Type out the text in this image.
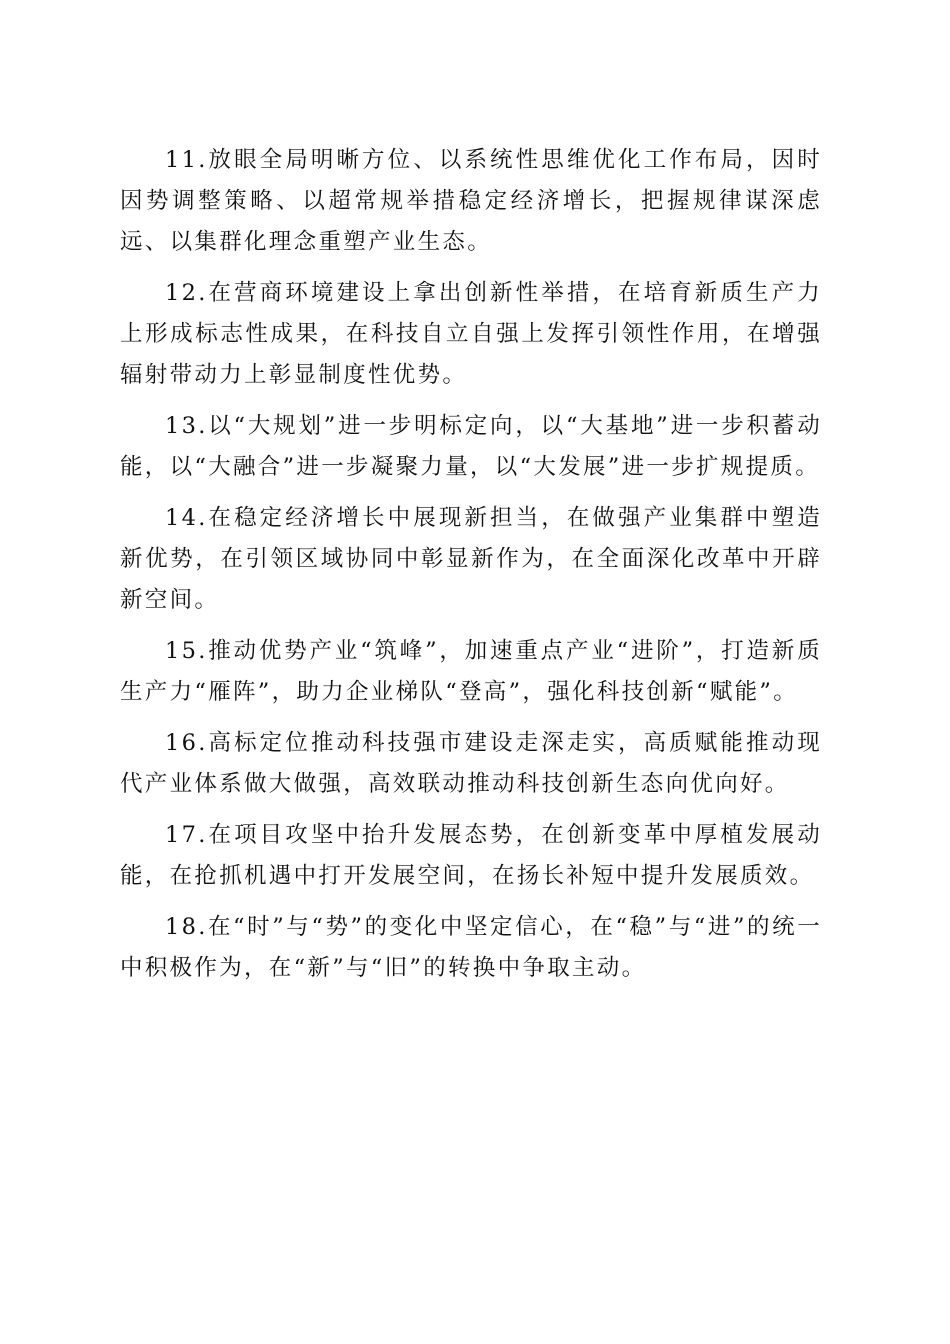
11.放眼全局明晰方位、以系统性思维优化工作布局，因时因势调整策略、以超常规举措稳定经济增长，把握规律谋深虑远、以集群化理念重塑产业生态。

12.在营商环境建设上拿出创新性举措，在培育新质生产力上形成标志性成果，在科技自立自强上发挥引领性作用，在增强辐射带动力上彰显制度性优势。

13.以“大规划”进一步明标定向，以“大基地”进一步积蓄动能，以“大融合”进一步凝聚力量，以“大发展”进一步扩规提质。

14.在稳定经济增长中展现新担当，在做强产业集群中塑造新优势，在引领区域协同中彰显新作为，在全面深化改革中开辟新空间。

15.推动优势产业“筑峰”，加速重点产业“进阶”，打造新质生产力“雁阵”，助力企业梯队“登高”，强化科技创新“赋能”。

16.高标定位推动科技强市建设走深走实，高质赋能推动现代产业体系做大做强，高效联动推动科技创新生态向优向好。

17.在项目攻坚中抬升发展态势，在创新变革中厚植发展动能，在抢抓机遇中打开发展空间，在扬长补短中提升发展质效。

18.在“时”与“势”的变化中坚定信心，在“稳”与“进”的统一中积极作为，在“新”与“旧”的转换中争取主动。
